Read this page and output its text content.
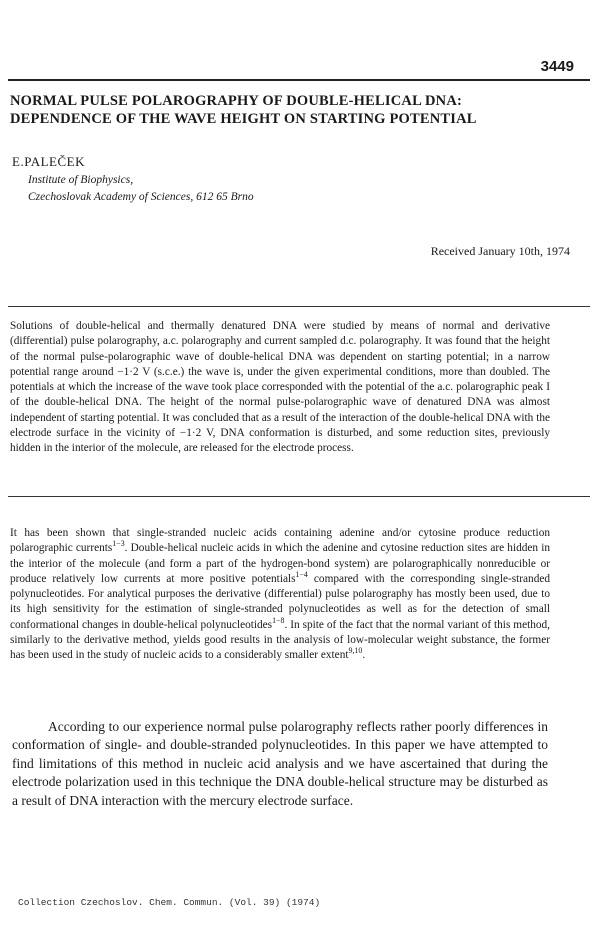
3449
NORMAL PULSE POLAROGRAPHY OF DOUBLE-HELICAL DNA:
DEPENDENCE OF THE WAVE HEIGHT ON STARTING POTENTIAL
E.PALEČEK
Institute of Biophysics,
Czechoslovak Academy of Sciences, 612 65 Brno
Received January 10th, 1974

Solutions of double-helical and thermally denatured DNA were studied by means of normal and derivative (differential) pulse polarography, a.c. polarography and current sampled d.c. polarography. It was found that the height of the normal pulse-polarographic wave of double-helical DNA was dependent on starting potential; in a narrow potential range around −1·2 V (s.c.e.) the wave is, under the given experimental conditions, more than doubled. The potentials at which the increase of the wave took place corresponded with the potential of the a.c. polarographic peak I of the double-helical DNA. The height of the normal pulse-polarographic wave of denatured DNA was almost independent of starting potential. It was concluded that as a result of the interaction of the double-helical DNA with the electrode surface in the vicinity of −1·2 V, DNA conformation is disturbed, and some reduction sites, previously hidden in the interior of the molecule, are released for the electrode process.

It has been shown that single-stranded nucleic acids containing adenine and/or cytosine produce reduction polarographic currents$^{1-3}$. Double-helical nucleic acids in which the adenine and cytosine reduction sites are hidden in the interior of the molecule (and form a part of the hydrogen-bond system) are polarographically nonreducible or produce relatively low currents at more positive potentials$^{1-4}$ compared with the corresponding single-stranded polynucleotides. For analytical purposes the derivative (differential) pulse polarography has mostly been used, due to its high sensitivity for the estimation of single-stranded polynucleotides as well as for the detection of small conformational changes in double-helical polynucleotides$^{1-8}$. In spite of the fact that the normal variant of this method, similarly to the derivative method, yields good results in the analysis of low-molecular weight substance, the former has been used in the study of nucleic acids to a considerably smaller extent$^{9,10}$.

According to our experience normal pulse polarography reflects rather poorly differences in conformation of single- and double-stranded polynucleotides. In this paper we have attempted to find limitations of this method in nucleic acid analysis and we have ascertained that during the electrode polarization used in this technique the DNA double-helical structure may be disturbed as a result of DNA interaction with the mercury electrode surface.

Collection Czechoslov. Chem. Commun. (Vol. 39) (1974)
